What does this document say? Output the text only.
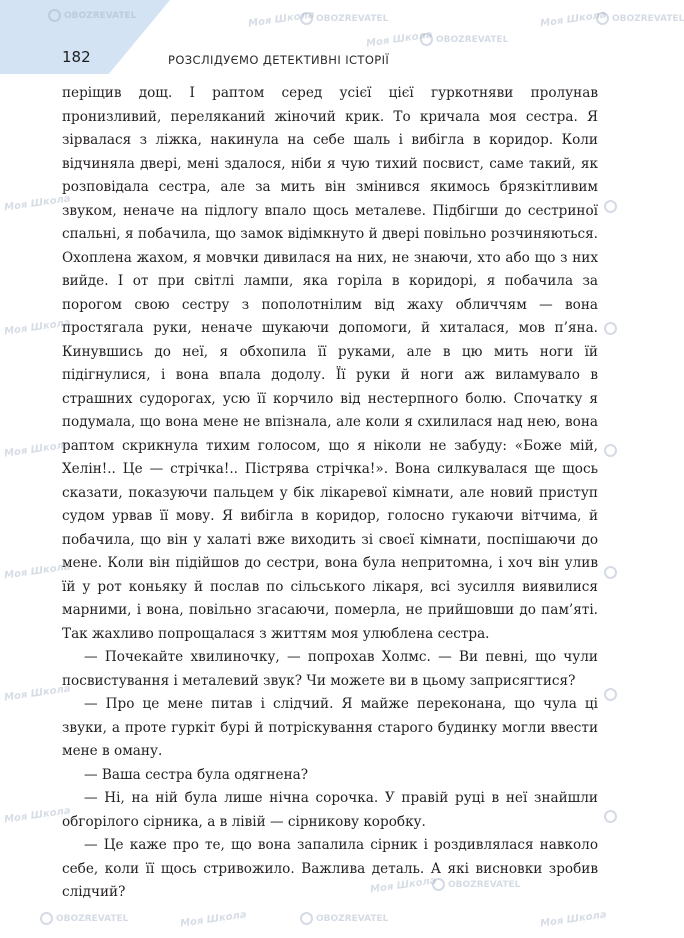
182	РОЗСЛІДУЄМО ДЕТЕКТИВНІ ІСТОРІЇ
OBOZREVATEL	Моя Школа OBOZREVATEL
Моя Школа OBOZREVATEL
Моя Школа OBOZREVATEL
Моя Школа
Моя Школа
Моя Школа
Моя Школа
Моя Школа
Моя Школа
OBOZREVATEL	Моя Школа	OBOZREVATEL
Моя Школа OBOZREVATEL
Моя Школа

періщив дощ. І раптом серед усієї цієї гуркотняви пролунав пронизливий, переляканий жіночий крик. То кричала моя сестра. Я зірвалася з ліжка, накинула на себе шаль і вибігла в коридор. Коли відчиняла двері, мені здалося, ніби я чую тихий посвист, саме такий, як розповідала сестра, але за мить він змінився якимось брязкітливим звуком, неначе на підлогу впало щось металеве. Підбігши до сестриної спальні, я побачила, що замок відімкнуто й двері повільно розчиняються. Охоплена жахом, я мовчки дивилася на них, не знаючи, хто або що з них вийде. І от при світлі лампи, яка горіла в коридорі, я побачила за порогом свою сестру з пополотнілим від жаху обличчям — вона простягала руки, неначе шукаючи допомоги, й хиталася, мов п’яна. Кинувшись до неї, я обхопила її руками, але в цю мить ноги їй підігнулися, і вона впала додолу. Її руки й ноги аж виламувало в страшних судорогах, усю її корчило від нестерпного болю. Спочатку я подумала, що вона мене не впізнала, але коли я схилилася над нею, вона раптом скрикнула тихим голосом, що я ніколи не забуду: «Боже мій, Хелін!.. Це — стрічка!.. Пістрява стрічка!». Вона силкувалася ще щось сказати, показуючи пальцем у бік лікаревої кімнати, але новий приступ судом урвав її мову. Я вибігла в коридор, голосно гукаючи вітчима, й побачила, що він у халаті вже виходить зі своєї кімнати, поспішаючи до мене. Коли він підійшов до сестри, вона була непритомна, і хоч він улив їй у рот коньяку й послав по сільського лікаря, всі зусилля виявилися марними, і вона, повільно згасаючи, померла, не прийшовши до пам’яті. Так жахливо попрощалася з життям моя улюблена сестра.

— Почекайте хвилиночку, — попрохав Холмс. — Ви певні, що чули посвистування і металевий звук? Чи можете ви в цьому заприсягтися?

— Про це мене питав і слідчий. Я майже переконана, що чула ці звуки, а проте гуркіт бурі й потріскування старого будинку могли ввести мене в оману.

— Ваша сестра була одягнена?

— Ні, на ній була лише нічна сорочка. У правій руці в неї знайшли обгорілого сірника, а в лівій — сірникову коробку.

— Це каже про те, що вона запалила сірник і роздивлялася навколо себе, коли її щось стривожило. Важлива деталь. А які висновки зробив слідчий?
